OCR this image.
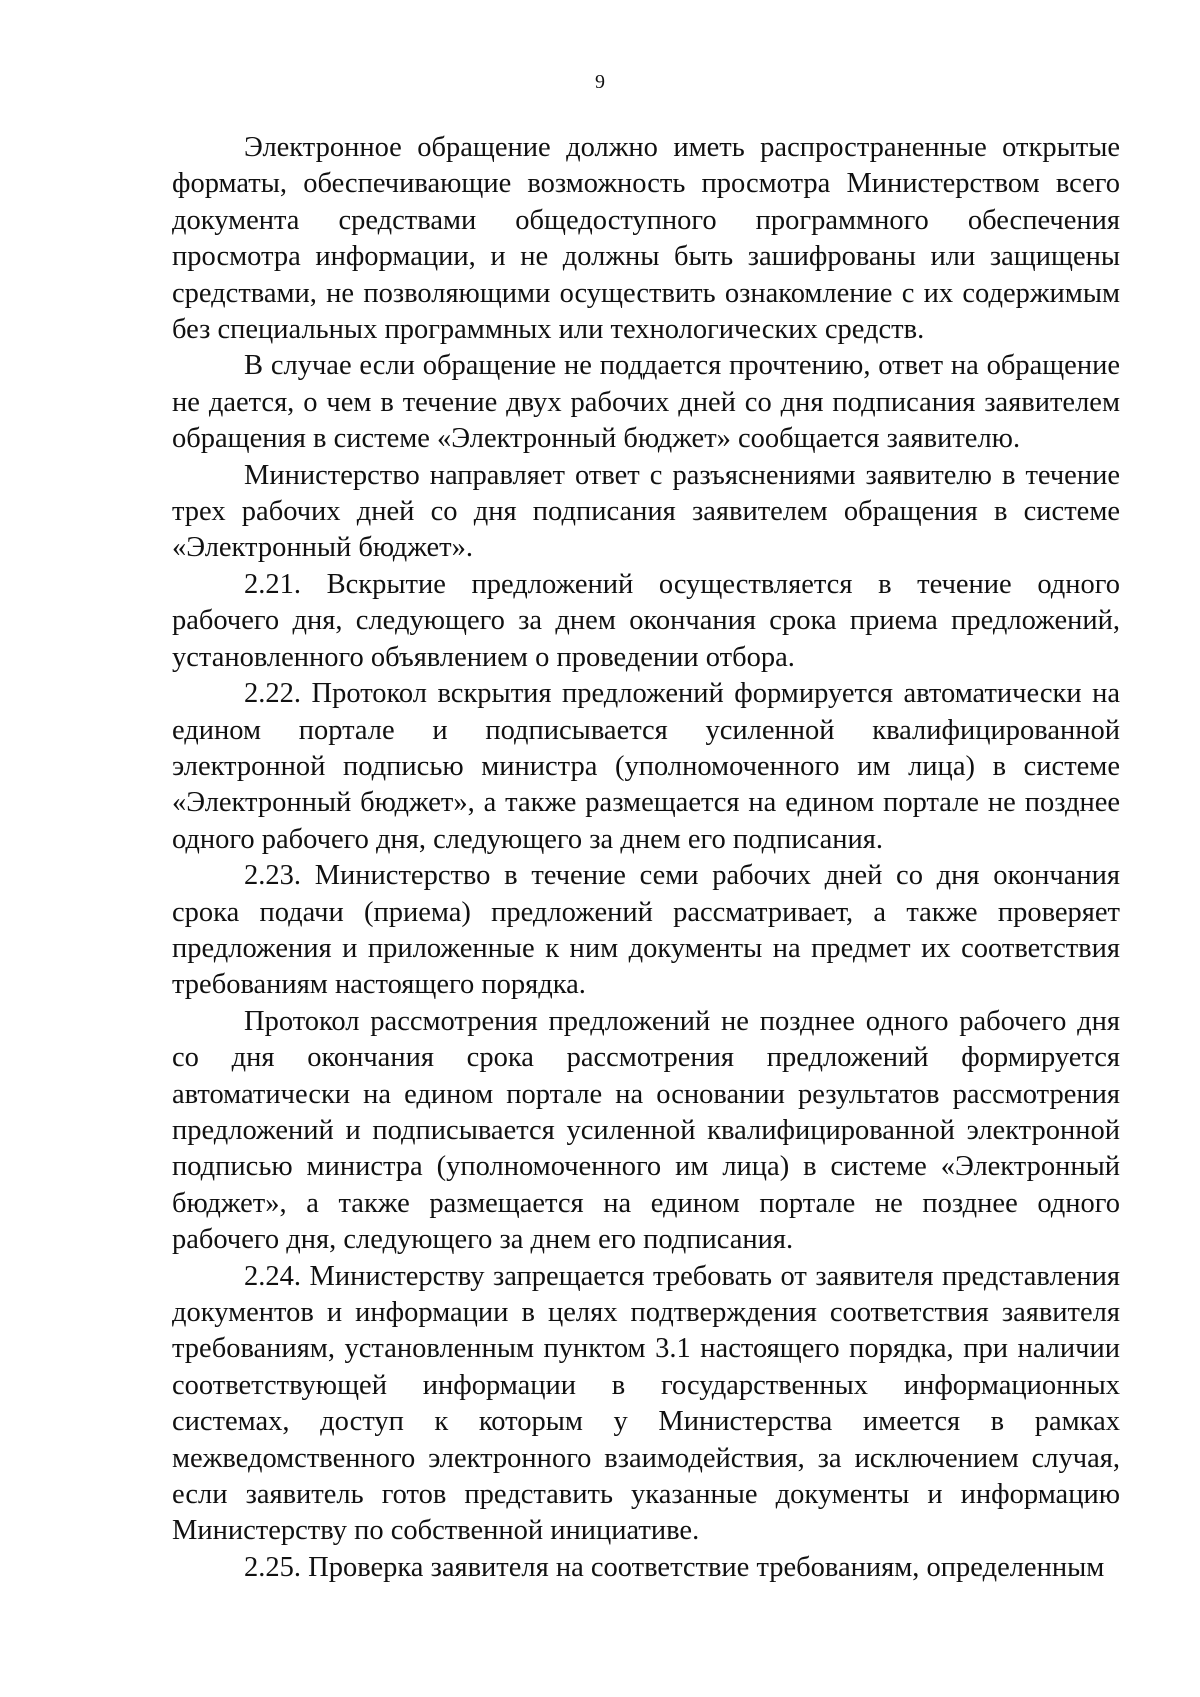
9

Электронное обращение должно иметь распространенные открытые форматы, обеспечивающие возможность просмотра Министерством всего документа средствами общедоступного программного обеспечения просмотра информации, и не должны быть зашифрованы или защищены средствами, не позволяющими осуществить ознакомление с их содержимым без специальных программных или технологических средств.

В случае если обращение не поддается прочтению, ответ на обращение не дается, о чем в течение двух рабочих дней со дня подписания заявителем обращения в системе «Электронный бюджет» сообщается заявителю.

Министерство направляет ответ с разъяснениями заявителю в течение трех рабочих дней со дня подписания заявителем обращения в системе «Электронный бюджет».

2.21. Вскрытие предложений осуществляется в течение одного рабочего дня, следующего за днем окончания срока приема предложений, установленного объявлением о проведении отбора.

2.22. Протокол вскрытия предложений формируется автоматически на едином портале и подписывается усиленной квалифицированной электронной подписью министра (уполномоченного им лица) в системе «Электронный бюджет», а также размещается на едином портале не позднее одного рабочего дня, следующего за днем его подписания.

2.23. Министерство в течение семи рабочих дней со дня окончания срока подачи (приема) предложений рассматривает, а также проверяет предложения и приложенные к ним документы на предмет их соответствия требованиям настоящего порядка.

Протокол рассмотрения предложений не позднее одного рабочего дня со дня окончания срока рассмотрения предложений формируется автоматически на едином портале на основании результатов рассмотрения предложений и подписывается усиленной квалифицированной электронной подписью министра (уполномоченного им лица) в системе «Электронный бюджет», а также размещается на едином портале не позднее одного рабочего дня, следующего за днем его подписания.

2.24. Министерству запрещается требовать от заявителя представления документов и информации в целях подтверждения соответствия заявителя требованиям, установленным пунктом 3.1 настоящего порядка, при наличии соответствующей информации в государственных информационных системах, доступ к которым у Министерства имеется в рамках межведомственного электронного взаимодействия, за исключением случая, если заявитель готов представить указанные документы и информацию Министерству по собственной инициативе.

2.25. Проверка заявителя на соответствие требованиям, определенным
